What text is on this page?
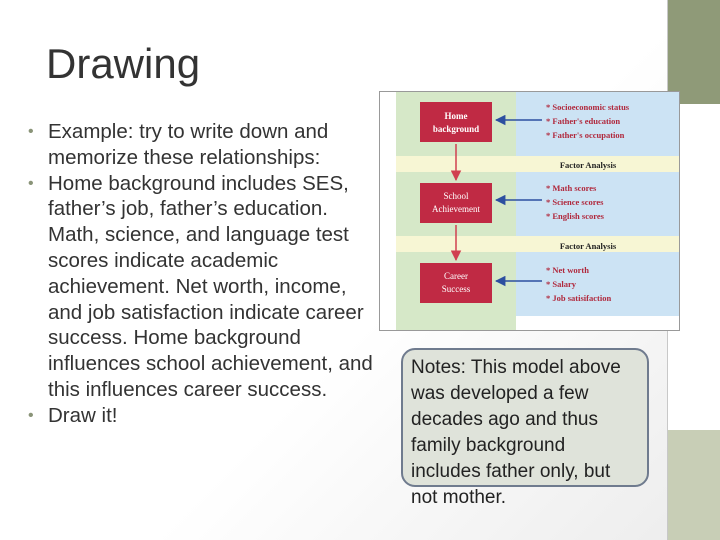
Drawing
• Example: try to write down and memorize these relationships:
• Home background includes SES, father’s job, father’s education. Math, science, and language test scores indicate academic achievement. Net worth, income, and job satisfaction indicate career success. Home background influences school achievement, and this influences career success.
• Draw it!
Home
background
School
Achievement
Career
Success
* Socioeconomic status
* Father's education
* Father's occupation
* Math scores
* Science scores
* English scores
* Net worth
* Salary
* Job satisifaction
Factor Analysis
Factor Analysis
Notes: This model above was developed a few decades ago and thus family background includes father only, but not mother.
